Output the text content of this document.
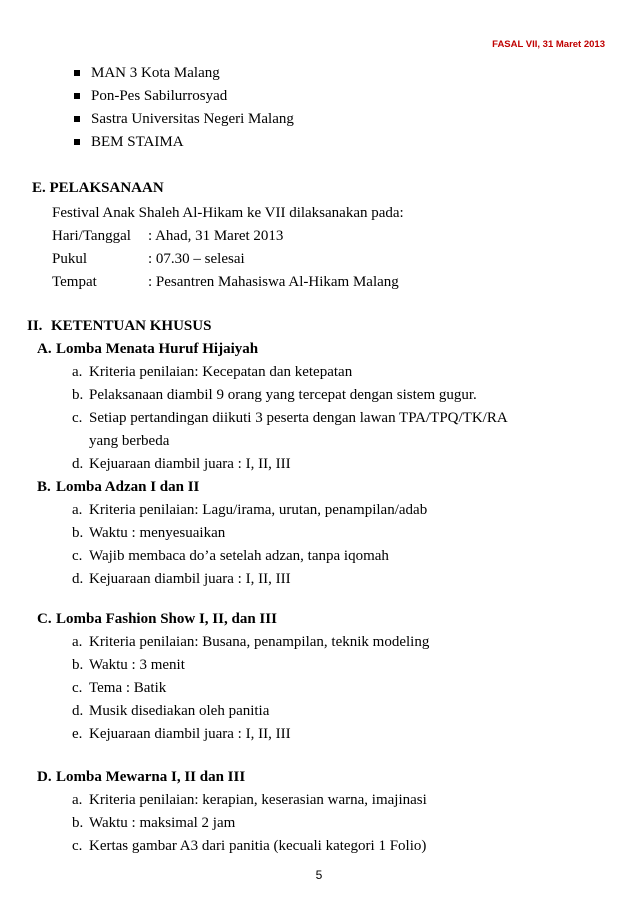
FASAL VII, 31 Maret 2013
MAN 3 Kota Malang
Pon-Pes Sabilurrosyad
Sastra Universitas Negeri Malang
BEM STAIMA
E. PELAKSANAAN
Festival Anak Shaleh Al-Hikam ke VII dilaksanakan pada:
Hari/Tanggal : Ahad, 31 Maret 2013
Pukul	: 07.30 – selesai
Tempat	: Pesantren Mahasiswa Al-Hikam Malang
II. KETENTUAN KHUSUS
A. Lomba Menata Huruf Hijaiyah
a. Kriteria penilaian: Kecepatan dan ketepatan
b. Pelaksanaan diambil 9 orang yang tercepat dengan sistem gugur.
c. Setiap pertandingan diikuti 3 peserta dengan lawan TPA/TPQ/TK/RA
yang berbeda
d. Kejuaraan diambil juara : I, II, III
B. Lomba Adzan I dan II
a. Kriteria penilaian: Lagu/irama, urutan, penampilan/adab
b. Waktu : menyesuaikan
c. Wajib membaca do’a setelah adzan, tanpa iqomah
d. Kejuaraan diambil juara : I, II, III
C. Lomba Fashion Show I, II, dan III
a. Kriteria penilaian: Busana, penampilan, teknik modeling
b. Waktu : 3 menit
c. Tema : Batik
d. Musik disediakan oleh panitia
e. Kejuaraan diambil juara : I, II, III
D. Lomba Mewarna I, II dan III
a. Kriteria penilaian: kerapian, keserasian warna, imajinasi
b. Waktu : maksimal 2 jam
c. Kertas gambar A3 dari panitia (kecuali kategori 1 Folio)
5
